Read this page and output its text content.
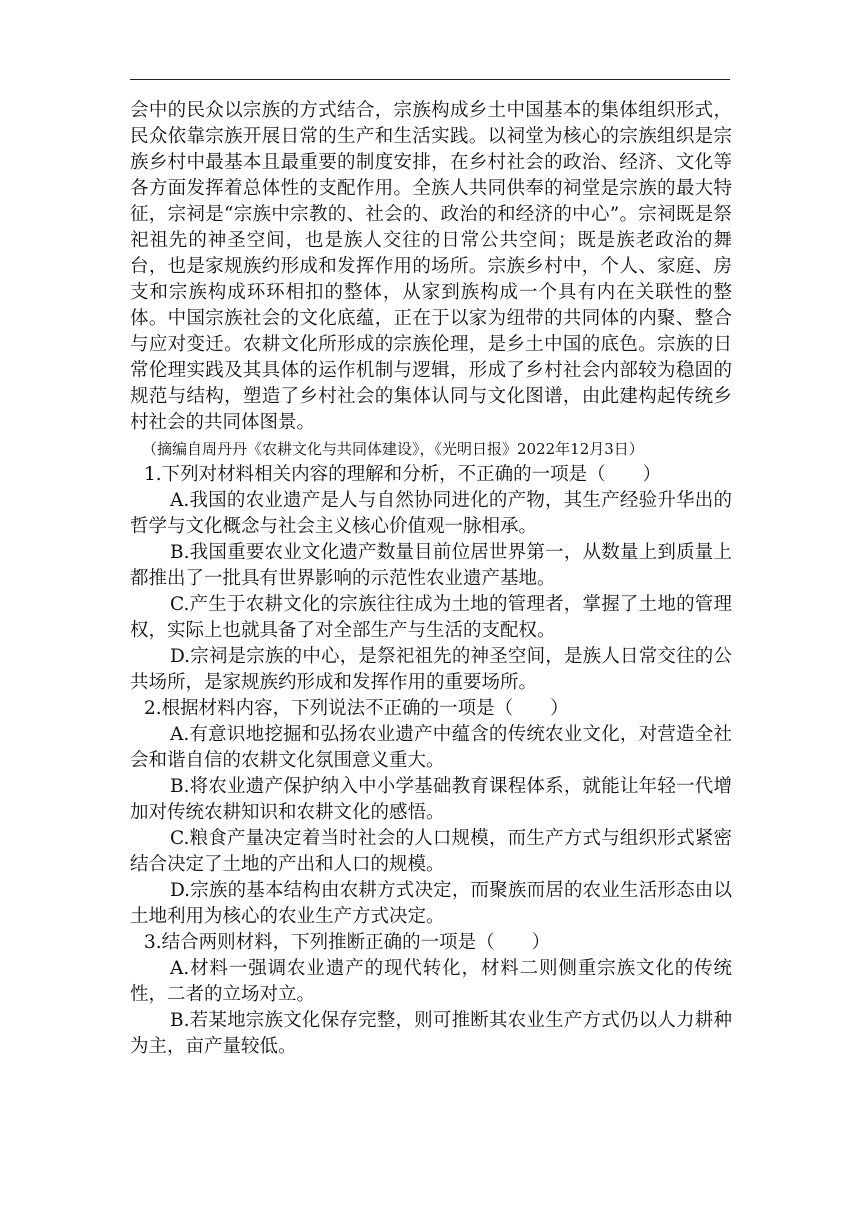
会中的民众以宗族的方式结合，宗族构成乡土中国基本的集体组织形式，民众依靠宗族开展日常的生产和生活实践。以祠堂为核心的宗族组织是宗族乡村中最基本且最重要的制度安排，在乡村社会的政治、经济、文化等各方面发挥着总体性的支配作用。全族人共同供奉的祠堂是宗族的最大特征，宗祠是“宗族中宗教的、社会的、政治的和经济的中心”。宗祠既是祭祀祖先的神圣空间，也是族人交往的日常公共空间；既是族老政治的舞台，也是家规族约形成和发挥作用的场所。宗族乡村中，个人、家庭、房支和宗族构成环环相扣的整体，从家到族构成一个具有内在关联性的整体。中国宗族社会的文化底蕴，正在于以家为纽带的共同体的内聚、整合与应对变迁。农耕文化所形成的宗族伦理，是乡土中国的底色。宗族的日常伦理实践及其具体的运作机制与逻辑，形成了乡村社会内部较为稳固的规范与结构，塑造了乡村社会的集体认同与文化图谱，由此建构起传统乡村社会的共同体图景。

（摘编自周丹丹《农耕文化与共同体建设》，《光明日报》2022年12月3日）

1.下列对材料相关内容的理解和分析，不正确的一项是（　　）

A.我国的农业遗产是人与自然协同进化的产物，其生产经验升华出的哲学与文化概念与社会主义核心价值观一脉相承。

B.我国重要农业文化遗产数量目前位居世界第一，从数量上到质量上都推出了一批具有世界影响的示范性农业遗产基地。

C.产生于农耕文化的宗族往往成为土地的管理者，掌握了土地的管理权，实际上也就具备了对全部生产与生活的支配权。

D.宗祠是宗族的中心，是祭祀祖先的神圣空间，是族人日常交往的公共场所，是家规族约形成和发挥作用的重要场所。

2.根据材料内容，下列说法不正确的一项是（　　）

A.有意识地挖掘和弘扬农业遗产中蕴含的传统农业文化，对营造全社会和谐自信的农耕文化氛围意义重大。

B.将农业遗产保护纳入中小学基础教育课程体系，就能让年轻一代增加对传统农耕知识和农耕文化的感悟。

C.粮食产量决定着当时社会的人口规模，而生产方式与组织形式紧密结合决定了土地的产出和人口的规模。

D.宗族的基本结构由农耕方式决定，而聚族而居的农业生活形态由以土地利用为核心的农业生产方式决定。

3.结合两则材料，下列推断正确的一项是（　　）

A.材料一强调农业遗产的现代转化，材料二则侧重宗族文化的传统性，二者的立场对立。

B.若某地宗族文化保存完整，则可推断其农业生产方式仍以人力耕种为主，亩产量较低。
